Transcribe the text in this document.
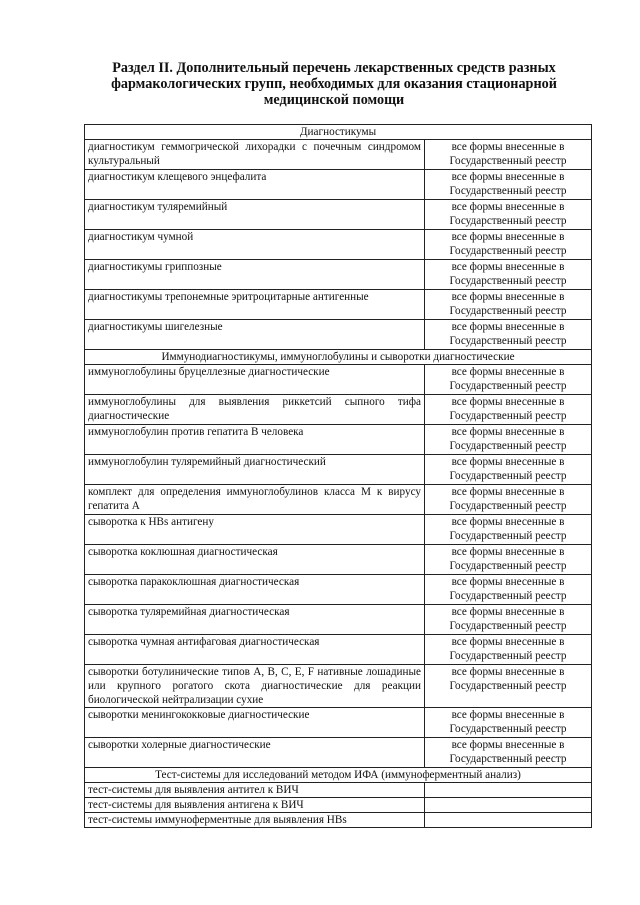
Раздел II. Дополнительный перечень лекарственных средств разных фармакологических групп, необходимых для оказания стационарной медицинской помощи
Диагностикумы	
диагностикум геммогрической лихорадки с почечным синдромом культуральный	все формы внесенные в
Государственный реестр
диагностикум клещевого энцефалита	все формы внесенные в
Государственный реестр
диагностикум туляремийный	все формы внесенные в
Государственный реестр
диагностикум чумной	все формы внесенные в
Государственный реестр
диагностикумы гриппозные	все формы внесенные в
Государственный реестр
диагностикумы трепонемные эритроцитарные антигенные	все формы внесенные в
Государственный реестр
диагностикумы шигелезные	все формы внесенные в
Государственный реестр
Иммунодиагностикумы, иммуноглобулины и сыворотки диагностические	
иммуноглобулины бруцеллезные диагностические	все формы внесенные в
Государственный реестр
иммуноглобулины для выявления риккетсий сыпного тифа диагностические	все формы внесенные в
Государственный реестр
иммуноглобулин против гепатита В человека	все формы внесенные в
Государственный реестр
иммуноглобулин туляремийный диагностический	все формы внесенные в
Государственный реестр
комплект для определения иммуноглобулинов класса М к вирусу гепатита А	все формы внесенные в
Государственный реестр
сыворотка к HBs антигену	все формы внесенные в
Государственный реестр
сыворотка коклюшная диагностическая	все формы внесенные в
Государственный реестр
сыворотка паракоклюшная диагностическая	все формы внесенные в
Государственный реестр
сыворотка туляремийная диагностическая	все формы внесенные в
Государственный реестр
сыворотка чумная антифаговая диагностическая	все формы внесенные в
Государственный реестр
сыворотки ботулинические типов А, В, С, Е, F нативные лошадиные или крупного рогатого скота диагностические для реакции биологической нейтрализации сухие	все формы внесенные в
Государственный реестр
сыворотки менингококковые диагностические	все формы внесенные в
Государственный реестр
сыворотки холерные диагностические	все формы внесенные в
Государственный реестр
Тест-системы для исследований методом ИФА (иммуноферментный анализ)	
тест-системы для выявления антител к ВИЧ	
тест-системы для выявления антигена к ВИЧ	
тест-системы иммуноферментные для выявления HBs	
